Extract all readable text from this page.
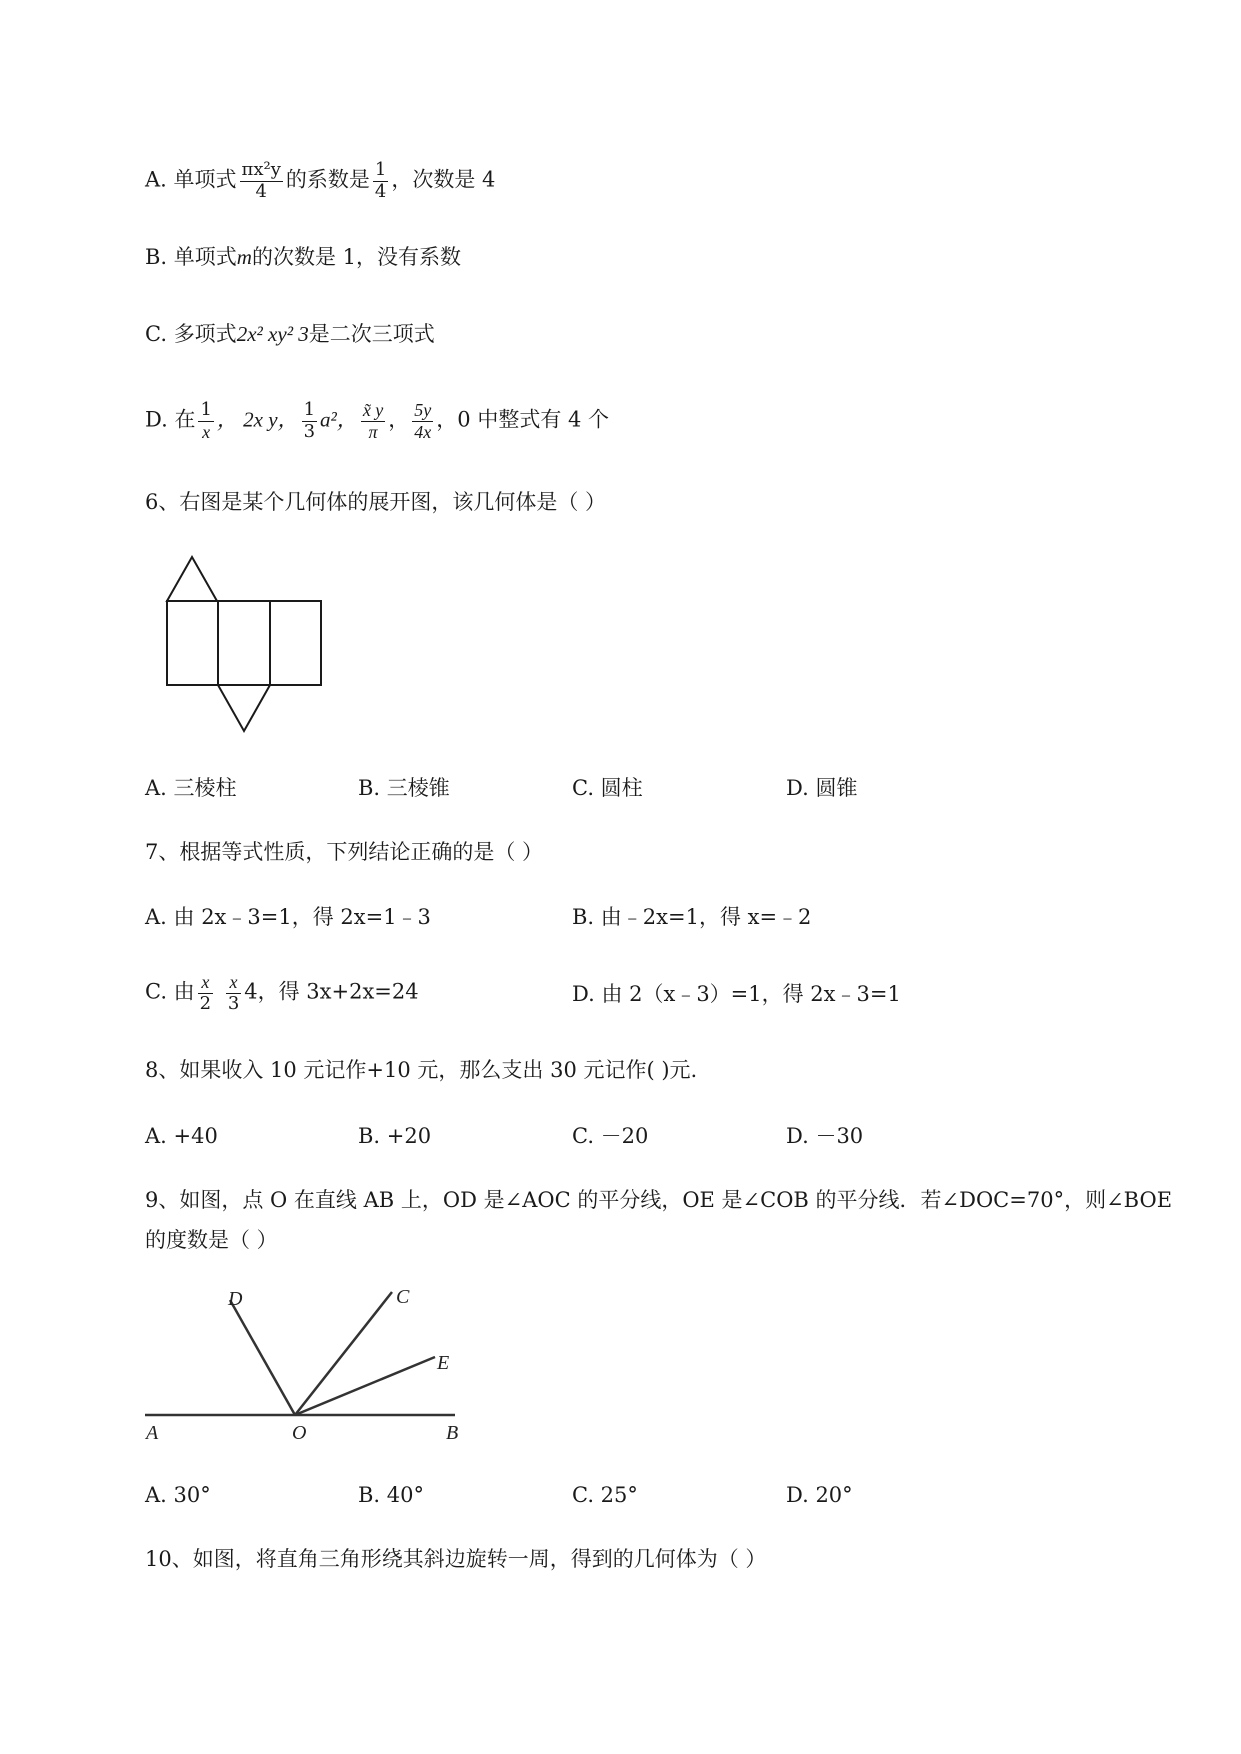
A. 单项式 $\frac{\text{πx²y}}{4}$ 的系数是 $\frac{1}{4}$ ，次数是 4
B. 单项式m的次数是 1，没有系数
C. 多项式2x² xy² 3是二次三项式
D. 在 $\frac{1}{x}$ ， 2x y， $\frac{1}{3} a^2$， $\frac{x̃ y}{\pi}$ ， $\frac{5y}{4x}$ ，0 中整式有 4 个
6、右图是某个几何体的展开图，该几何体是（ ）
A. 三棱柱	B. 三棱锥	C. 圆柱	D. 圆锥
7、根据等式性质，下列结论正确的是（ ）
A. 由 2x﹣3=1，得 2x=1﹣3	B. 由﹣2x=1，得 x=﹣2
C. 由 $\frac{x}{2}$
$\frac{x}{3} 4$，得 3x+2x=24	D. 由 2（x﹣3）=1，得 2x﹣3=1
8、如果收入 10 元记作+10 元，那么支出 30 元记作( )元.
A. +40	B. +20	C. －20	D. －30
9、如图，点 O 在直线 AB 上，OD 是∠AOC 的平分线，OE 是∠COB 的平分线．若∠DOC=70°，则∠BOE
的度数是（ ）
A	O	B
C
D
E
A. 30°	B. 40°	C. 25°	D. 20°
10、如图，将直角三角形绕其斜边旋转一周，得到的几何体为（ ）
